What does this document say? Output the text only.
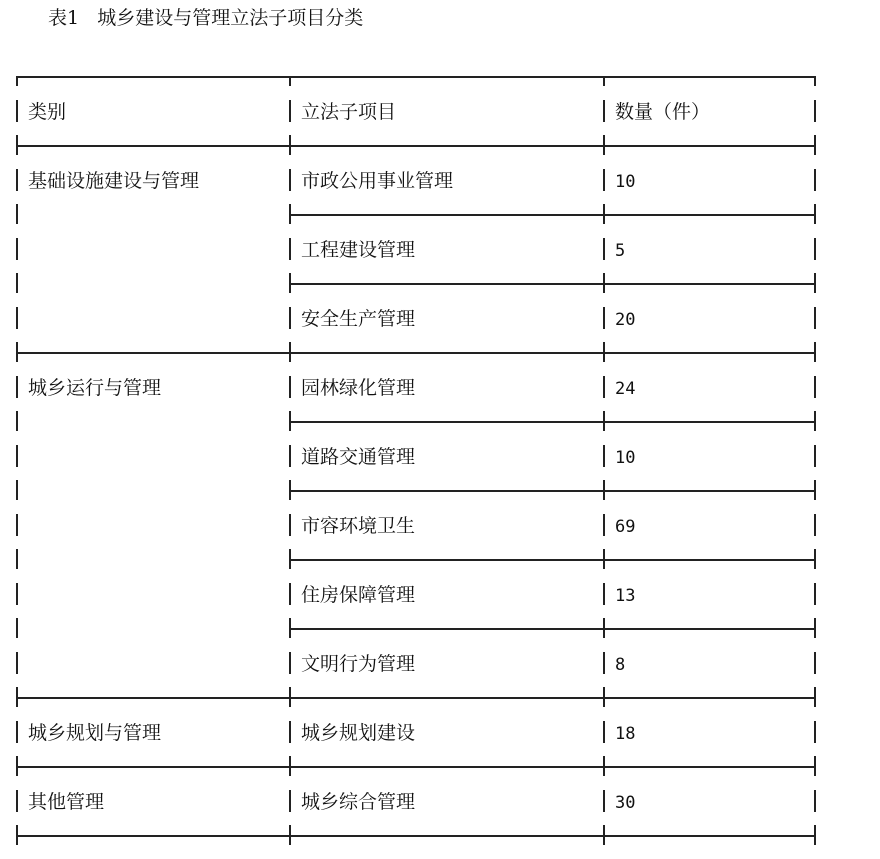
表1   城乡建设与管理立法子项目分类
类别	立法子项目	数量（件）
基础设施建设与管理	市政公用事业管理	10
工程建设管理	5
安全生产管理	20
城乡运行与管理	园林绿化管理	24
道路交通管理	10
市容环境卫生	69
住房保障管理	13
文明行为管理	8
城乡规划与管理	城乡规划建设	18
其他管理	城乡综合管理	30
